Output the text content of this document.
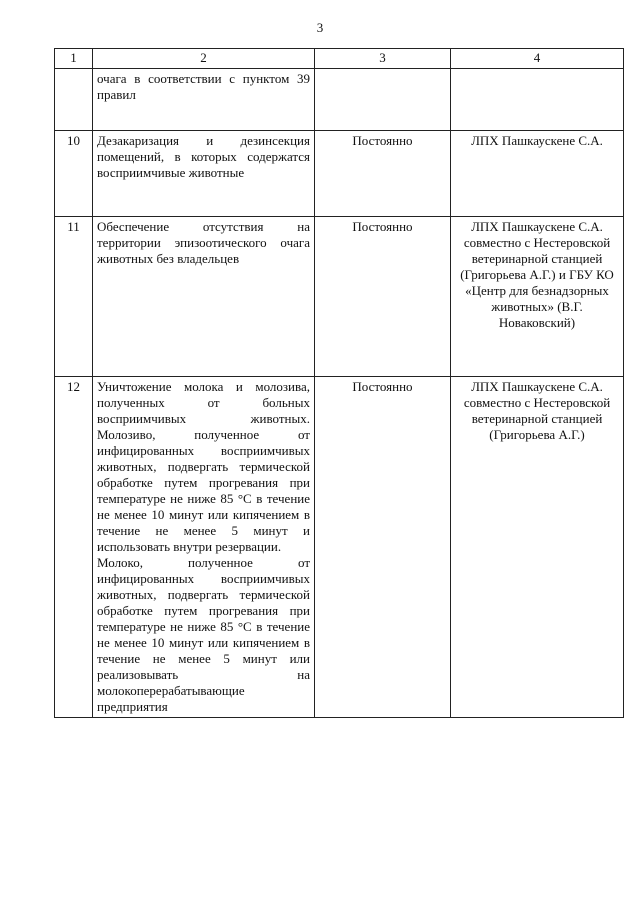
3
1	2	3	4

	очага в соответствии с пунктом 39 правил		

10	Дезакаризация и дезинсекция помещений, в которых содержатся восприимчивые животные	Постоянно	ЛПХ Пашкаускене С.А.
11	Обеспечение отсутствия на территории эпизоотического очага животных без владельцев	Постоянно	ЛПХ Пашкаускене С.А. совместно с Нестеровской ветеринарной станцией (Григорьева А.Г.) и ГБУ КО «Центр для безнадзорных животных» (В.Г. Новаковский)
12	Уничтожение молока и молозива, полученных от больных восприимчивых животных. Молозиво, полученное от инфицированных восприимчивых животных, подвергать термической обработке путем прогревания при температуре не ниже 85 °С в течение не менее 10 минут или кипячением в течение не менее 5 минут и использовать внутри резервации.
Молоко, полученное от инфицированных восприимчивых животных, подвергать термической обработке путем прогревания при температуре не ниже 85 °С в течение не менее 10 минут или кипячением в течение не менее 5 минут или реализовывать на молокоперерабатывающие предприятия	Постоянно	ЛПХ Пашкаускене С.А. совместно с Нестеровской ветеринарной станцией (Григорьева А.Г.)
